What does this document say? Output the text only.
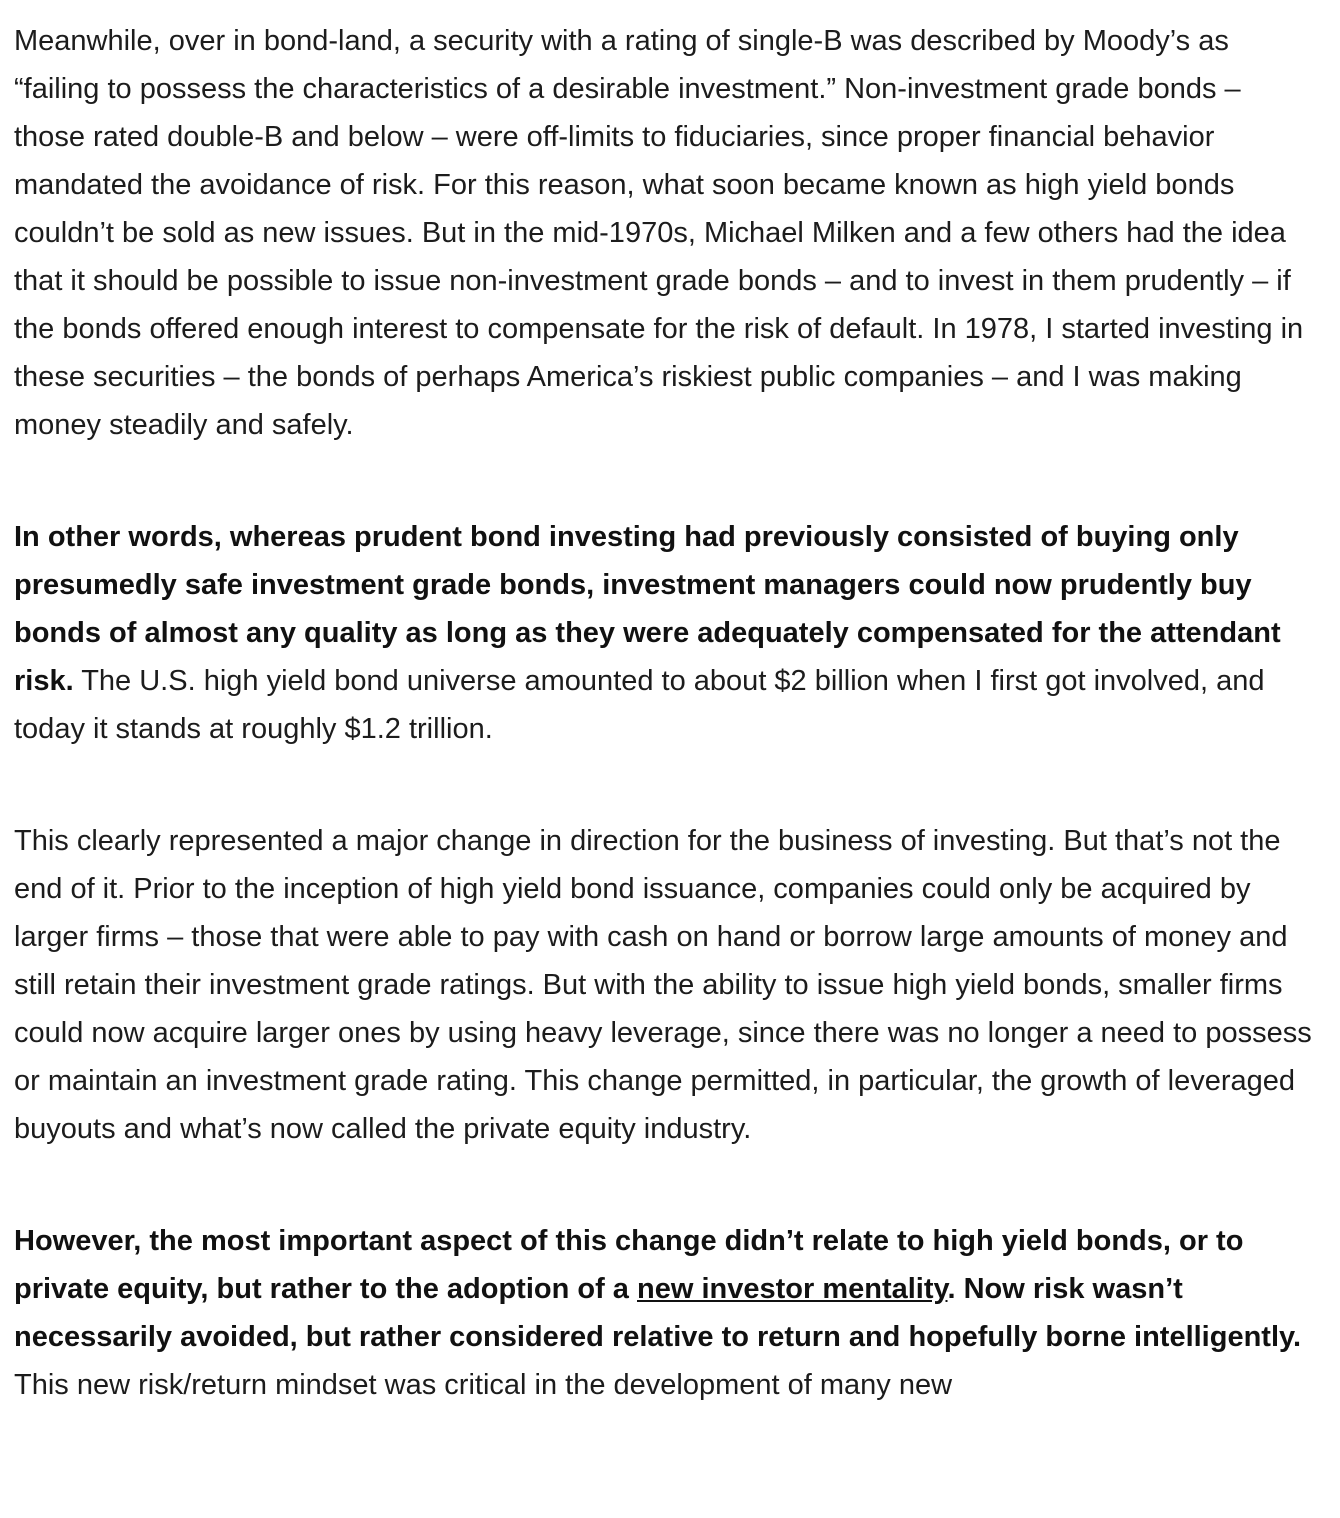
Meanwhile, over in bond-land, a security with a rating of single-B was described by Moody’s as “failing to possess the characteristics of a desirable investment.” Non-investment grade bonds – those rated double-B and below – were off-limits to fiduciaries, since proper financial behavior mandated the avoidance of risk. For this reason, what soon became known as high yield bonds couldn’t be sold as new issues. But in the mid-1970s, Michael Milken and a few others had the idea that it should be possible to issue non-investment grade bonds – and to invest in them prudently – if the bonds offered enough interest to compensate for the risk of default. In 1978, I started investing in these securities – the bonds of perhaps America’s riskiest public companies – and I was making money steadily and safely.

In other words, whereas prudent bond investing had previously consisted of buying only presumedly safe investment grade bonds, investment managers could now prudently buy bonds of almost any quality as long as they were adequately compensated for the attendant risk. The U.S. high yield bond universe amounted to about $2 billion when I first got involved, and today it stands at roughly $1.2 trillion.

This clearly represented a major change in direction for the business of investing. But that’s not the end of it. Prior to the inception of high yield bond issuance, companies could only be acquired by larger firms – those that were able to pay with cash on hand or borrow large amounts of money and still retain their investment grade ratings. But with the ability to issue high yield bonds, smaller firms could now acquire larger ones by using heavy leverage, since there was no longer a need to possess or maintain an investment grade rating. This change permitted, in particular, the growth of leveraged buyouts and what’s now called the private equity industry.

However, the most important aspect of this change didn’t relate to high yield bonds, or to private equity, but rather to the adoption of a new investor mentality. Now risk wasn’t necessarily avoided, but rather considered relative to return and hopefully borne intelligently. This new risk/return mindset was critical in the development of many new
